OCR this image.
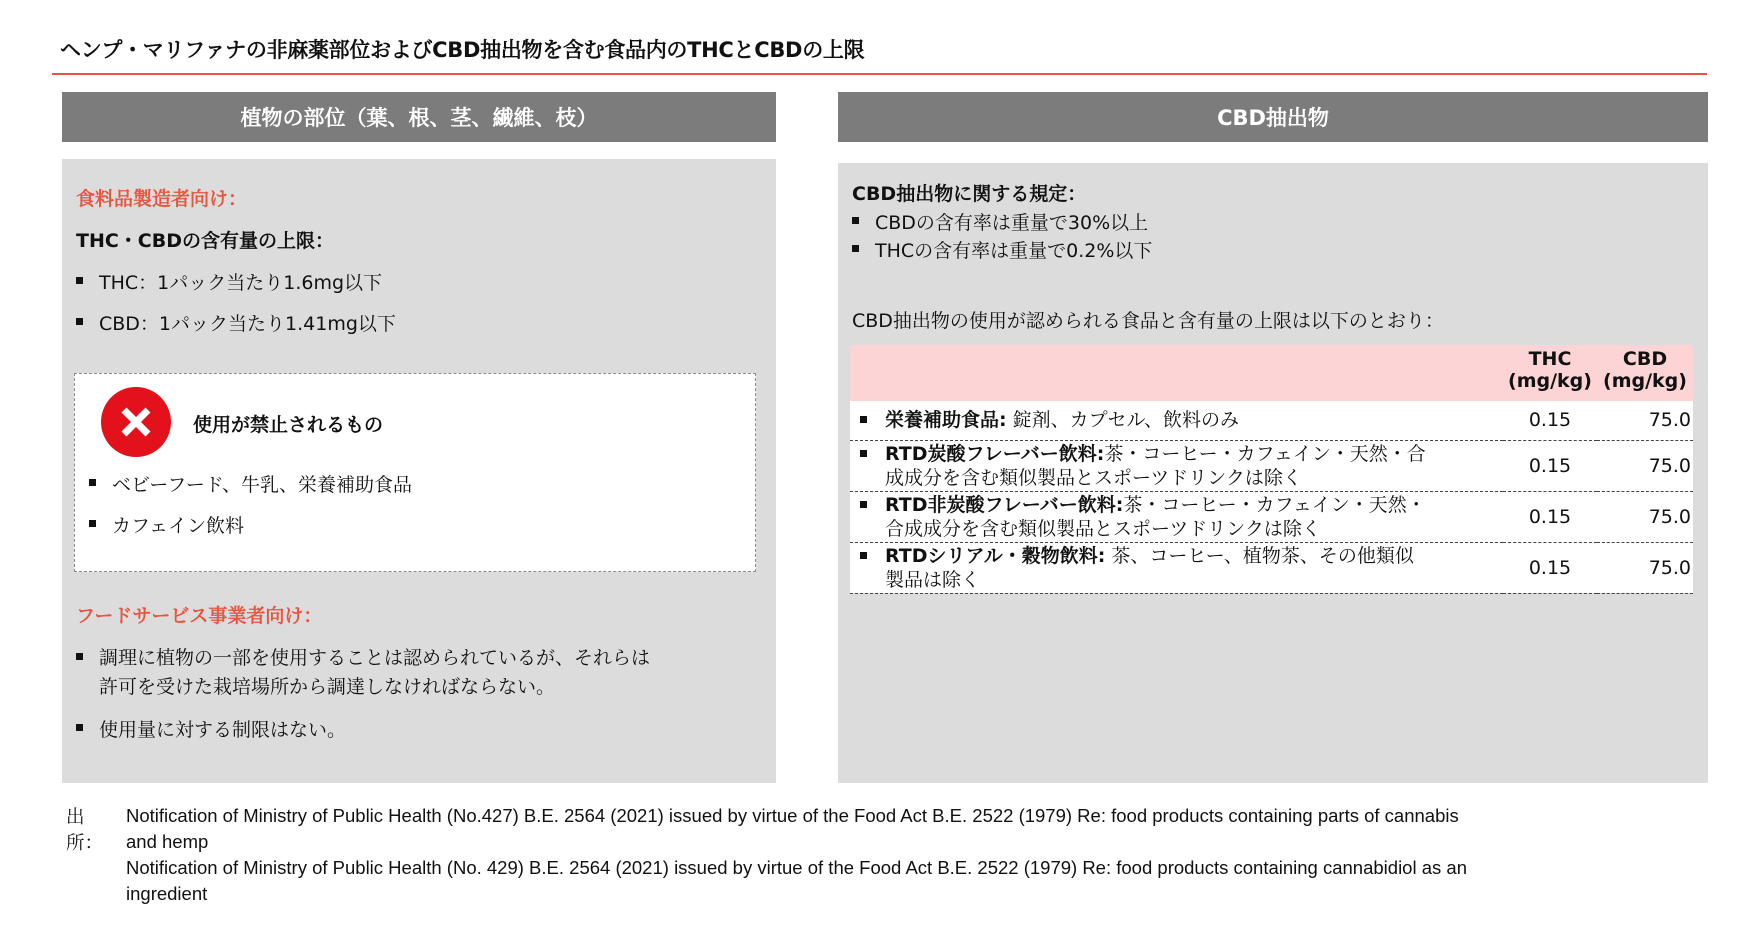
ヘンプ・マリファナの非麻薬部位およびCBD抽出物を含む食品内のTHCとCBDの上限
植物の部位（葉、根、茎、繊維、枝）
食料品製造者向け：
THC・CBDの含有量の上限：
THC：1パック当たり1.6mg以下
CBD：1パック当たり1.41mg以下
使用が禁止されるもの
ベビーフード、牛乳、栄養補助食品
カフェイン飲料
フードサービス事業者向け：
調理に植物の一部を使用することは認められているが、それらは
許可を受けた栽培場所から調達しなければならない。
使用量に対する制限はない。
CBD抽出物
CBD抽出物に関する規定：
CBDの含有率は重量で30%以上
THCの含有率は重量で0.2%以下
CBD抽出物の使用が認められる食品と含有量の上限は以下のとおり：
	THC
(mg/kg)	CBD
(mg/kg)

栄養補助食品: 錠剤、カプセル、飲料のみ	0.15	75.0

RTD炭酸フレーバー飲料:茶・コーヒー・カフェイン・天然・合
成成分を含む類似製品とスポーツドリンクは除く	0.15	75.0

RTD非炭酸フレーバー飲料:茶・コーヒー・カフェイン・天然・
合成成分を含む類似製品とスポーツドリンクは除く	0.15	75.0

RTDシリアル・穀物飲料: 茶、コーヒー、植物茶、その他類似
製品は除く	0.15	75.0
出所：
Notification of Ministry of Public Health (No.427) B.E. 2564 (2021) issued by virtue of the Food Act B.E. 2522 (1979) Re: food products containing parts of cannabis
and hemp
Notification of Ministry of Public Health (No. 429) B.E. 2564 (2021) issued by virtue of the Food Act B.E. 2522 (1979) Re: food products containing cannabidiol as an
ingredient
